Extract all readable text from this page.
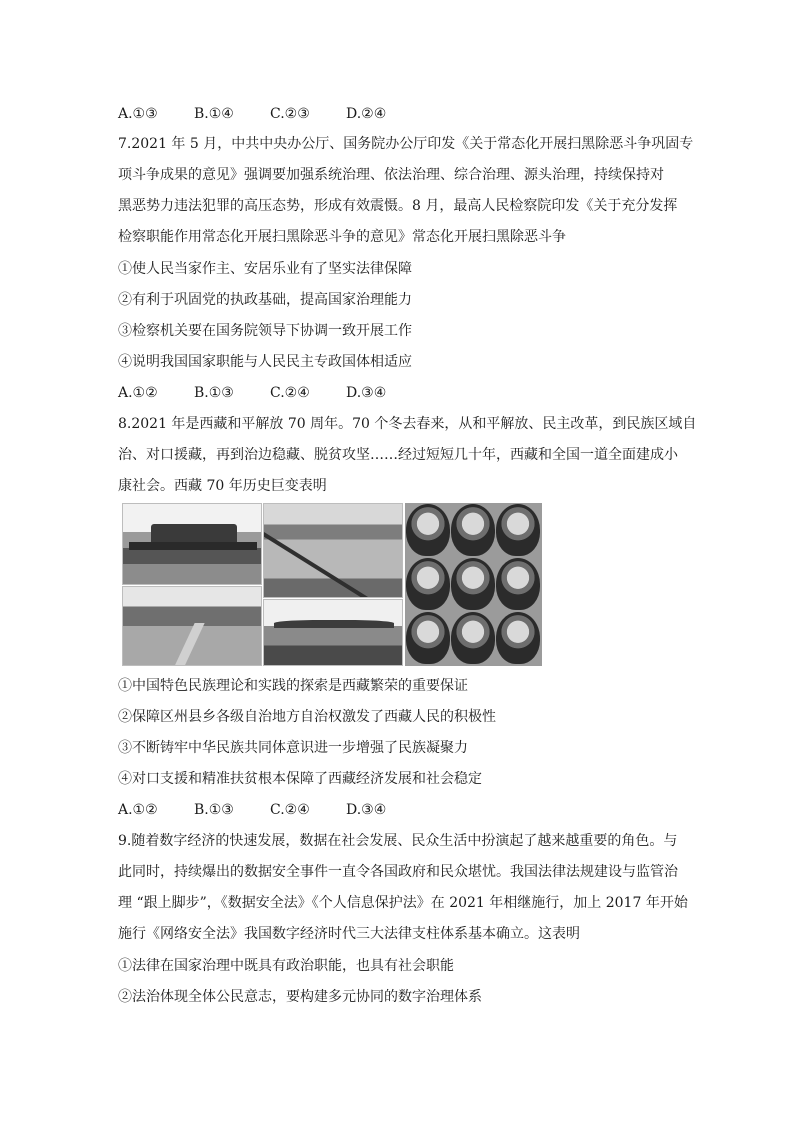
A.①③	B.①④	C.②③	D.②④
7.2021 年 5 月，中共中央办公厅、国务院办公厅印发《关于常态化开展扫黑除恶斗争巩固专
项斗争成果的意见》强调要加强系统治理、依法治理、综合治理、源头治理，持续保持对
黑恶势力违法犯罪的高压态势，形成有效震慑。8 月，最高人民检察院印发《关于充分发挥
检察职能作用常态化开展扫黑除恶斗争的意见》常态化开展扫黑除恶斗争
①使人民当家作主、安居乐业有了坚实法律保障
②有利于巩固党的执政基础，提高国家治理能力
③检察机关要在国务院领导下协调一致开展工作
④说明我国国家职能与人民民主专政国体相适应
A.①②	B.①③	C.②④	D.③④
8.2021 年是西藏和平解放 70 周年。70 个冬去春来，从和平解放、民主改革，到民族区域自
治、对口援藏，再到治边稳藏、脱贫攻坚……经过短短几十年，西藏和全国一道全面建成小
康社会。西藏 70 年历史巨变表明
①中国特色民族理论和实践的探索是西藏繁荣的重要保证
②保障区州县乡各级自治地方自治权激发了西藏人民的积极性
③不断铸牢中华民族共同体意识进一步增强了民族凝聚力
④对口支援和精准扶贫根本保障了西藏经济发展和社会稳定
A.①②	B.①③	C.②④	D.③④
9.随着数字经济的快速发展，数据在社会发展、民众生活中扮演起了越来越重要的角色。与
此同时，持续爆出的数据安全事件一直令各国政府和民众堪忧。我国法律法规建设与监管治
理 “跟上脚步”，《数据安全法》《个人信息保护法》在 2021 年相继施行，加上 2017 年开始
施行《网络安全法》我国数字经济时代三大法律支柱体系基本确立。这表明
①法律在国家治理中既具有政治职能，也具有社会职能
②法治体现全体公民意志，要构建多元协同的数字治理体系
